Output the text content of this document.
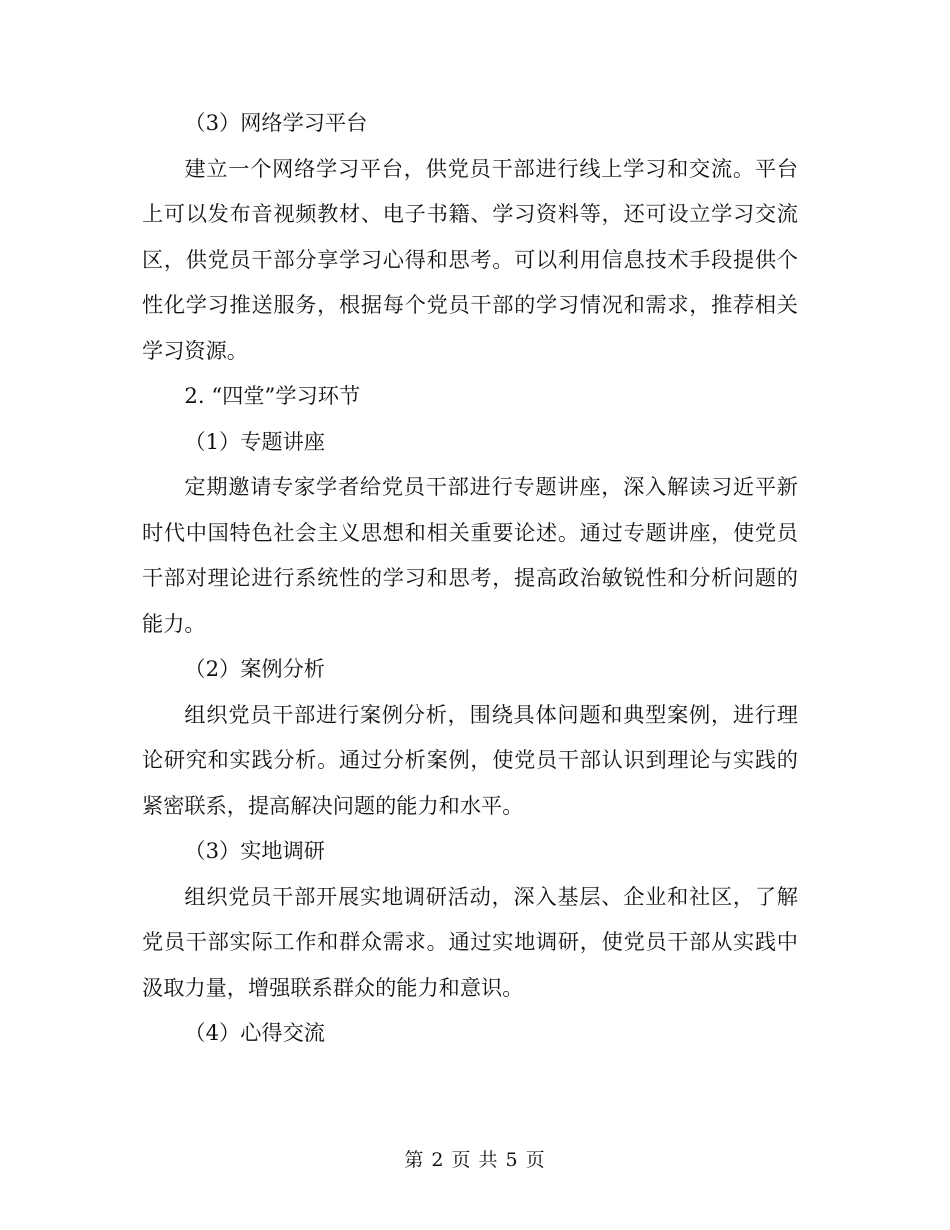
（3）网络学习平台

建立一个网络学习平台，供党员干部进行线上学习和交流。平台上可以发布音视频教材、电子书籍、学习资料等，还可设立学习交流区，供党员干部分享学习心得和思考。可以利用信息技术手段提供个性化学习推送服务，根据每个党员干部的学习情况和需求，推荐相关学习资源。

2. “四堂”学习环节

（1）专题讲座

定期邀请专家学者给党员干部进行专题讲座，深入解读习近平新时代中国特色社会主义思想和相关重要论述。通过专题讲座，使党员干部对理论进行系统性的学习和思考，提高政治敏锐性和分析问题的能力。

（2）案例分析

组织党员干部进行案例分析，围绕具体问题和典型案例，进行理论研究和实践分析。通过分析案例，使党员干部认识到理论与实践的紧密联系，提高解决问题的能力和水平。

（3）实地调研

组织党员干部开展实地调研活动，深入基层、企业和社区，了解党员干部实际工作和群众需求。通过实地调研，使党员干部从实践中汲取力量，增强联系群众的能力和意识。

（4）心得交流

第 2 页 共 5 页
